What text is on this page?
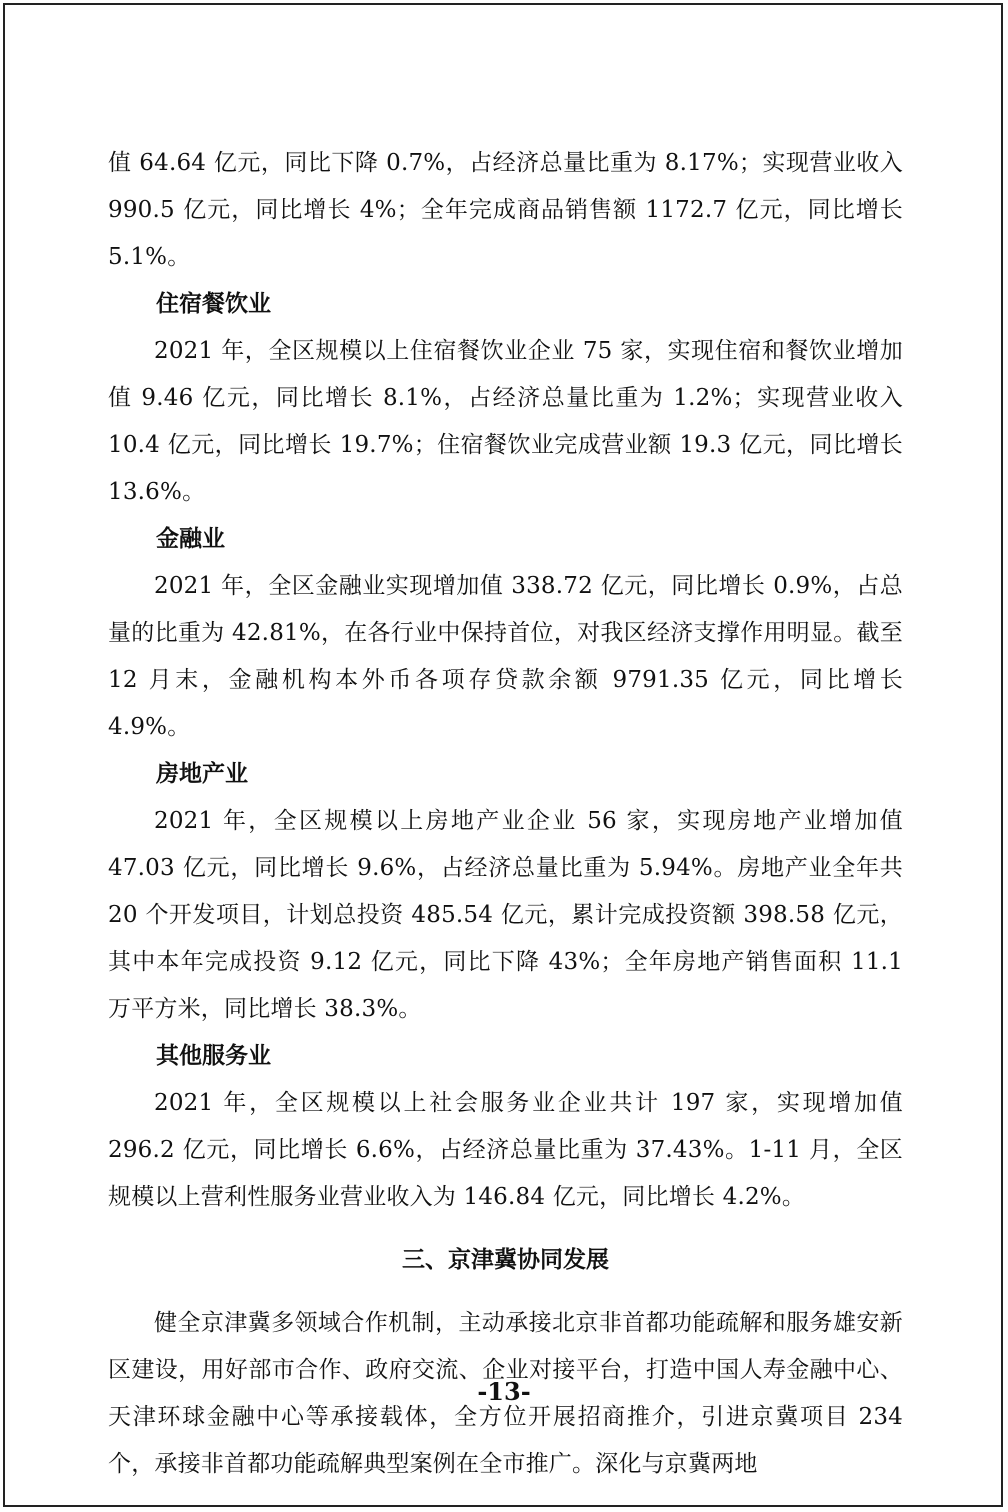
值 64.64 亿元，同比下降 0.7%，占经济总量比重为 8.17%；实现营业收入 990.5 亿元，同比增长 4%；全年完成商品销售额 1172.7 亿元，同比增长 5.1%。

住宿餐饮业

2021 年，全区规模以上住宿餐饮业企业 75 家，实现住宿和餐饮业增加值 9.46 亿元，同比增长 8.1%，占经济总量比重为 1.2%；实现营业收入 10.4 亿元，同比增长 19.7%；住宿餐饮业完成营业额 19.3 亿元，同比增长 13.6%。

金融业

2021 年，全区金融业实现增加值 338.72 亿元，同比增长 0.9%，占总量的比重为 42.81%，在各行业中保持首位，对我区经济支撑作用明显。截至 12 月末，金融机构本外币各项存贷款余额 9791.35 亿元，同比增长 4.9%。

房地产业

2021 年，全区规模以上房地产业企业 56 家，实现房地产业增加值 47.03 亿元，同比增长 9.6%，占经济总量比重为 5.94%。房地产业全年共 20 个开发项目，计划总投资 485.54 亿元，累计完成投资额 398.58 亿元，其中本年完成投资 9.12 亿元，同比下降 43%；全年房地产销售面积 11.1 万平方米，同比增长 38.3%。

其他服务业

2021 年，全区规模以上社会服务业企业共计 197 家，实现增加值 296.2 亿元，同比增长 6.6%，占经济总量比重为 37.43%。1-11 月，全区规模以上营利性服务业营业收入为 146.84 亿元，同比增长 4.2%。

三、京津冀协同发展

健全京津冀多领域合作机制，主动承接北京非首都功能疏解和服务雄安新区建设，用好部市合作、政府交流、企业对接平台，打造中国人寿金融中心、天津环球金融中心等承接载体，全方位开展招商推介，引进京冀项目 234 个，承接非首都功能疏解典型案例在全市推广。深化与京冀两地

-13-
